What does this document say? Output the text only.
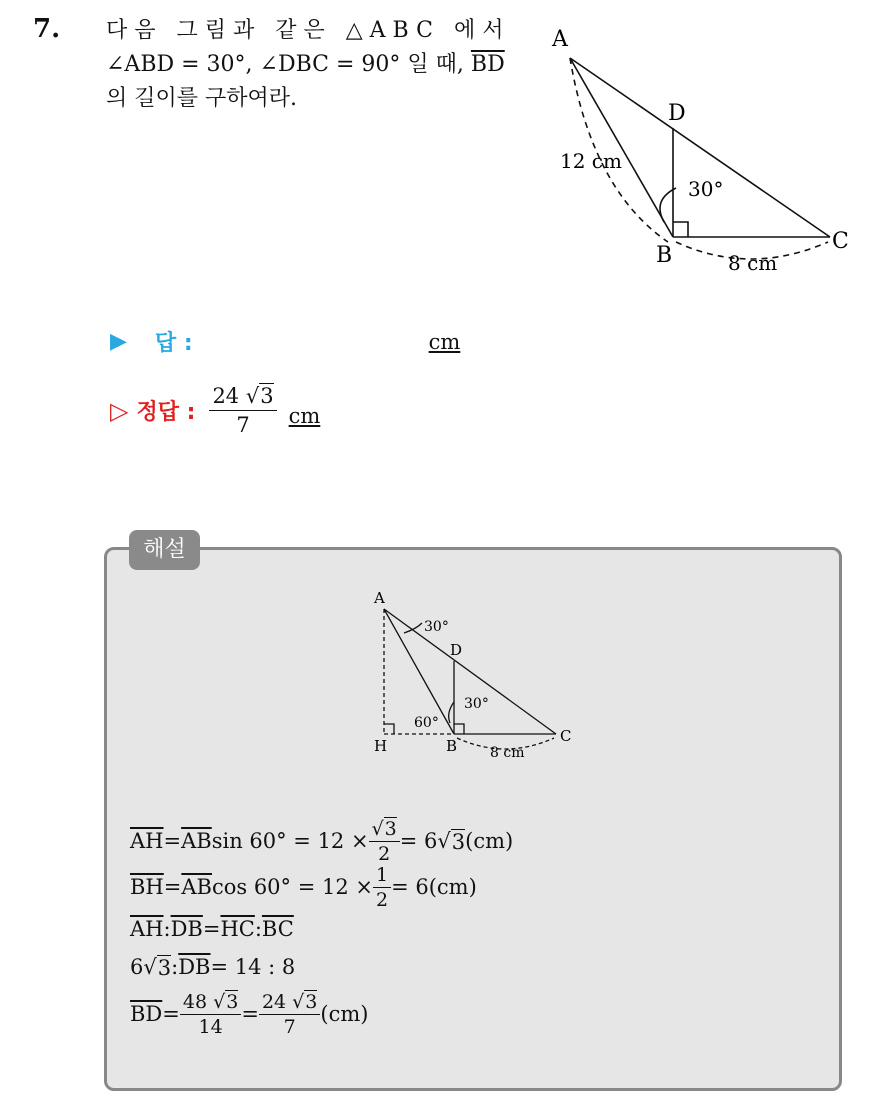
7. 다음 그림과 같은 △ABC 에서
∠ABD = 30°, ∠DBC = 90° 일 때, $\overline{BD}$
의 길이를 구하여라.
A
D
C
B
12 cm
8 cm
30°
▶ 답 :	cm
▷ 정답 : $\frac{24 √3}{7}$ cm
해설
A
D
C
B
H
30°
30°
60°
8 cm
$\overline{AH} = \overline{AB}$ $\sin 60^\circ = 12 \times \frac{√3}{2} = 6$ √ 3 (cm)
$\overline{BH} = \overline{AB}$ $\cos 60^\circ = 12 \times \frac{1}{2} = 6(cm)$
$\overline{AH}$ : $\overline{DB} = \overline{HC}$ : $\overline{BC}$
6 √ 3 : $\overline{DB} = 14$ : 8
$\overline{BD} = \frac{48 √3}{14} = \frac{24 √3}{7} (cm)$
